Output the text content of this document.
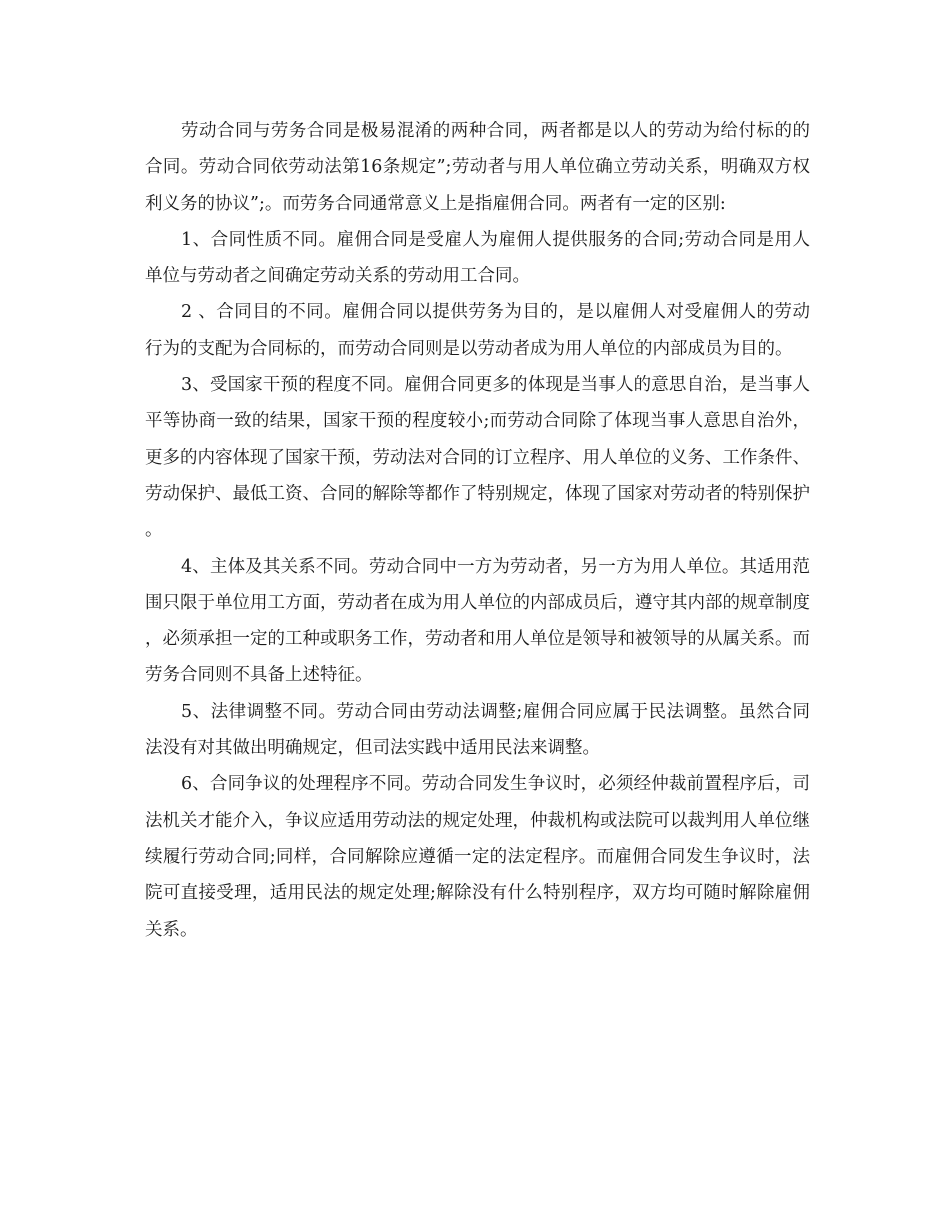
劳动合同与劳务合同是极易混淆的两种合同，两者都是以人的劳动为给付标的的合同。劳动合同依劳动法第16条规定”;劳动者与用人单位确立劳动关系，明确双方权利义务的协议”;。而劳务合同通常意义上是指雇佣合同。两者有一定的区别:

1、合同性质不同。雇佣合同是受雇人为雇佣人提供服务的合同;劳动合同是用人单位与劳动者之间确定劳动关系的劳动用工合同。

2 、合同目的不同。雇佣合同以提供劳务为目的，是以雇佣人对受雇佣人的劳动行为的支配为合同标的，而劳动合同则是以劳动者成为用人单位的内部成员为目的。

3、受国家干预的程度不同。雇佣合同更多的体现是当事人的意思自治，是当事人平等协商一致的结果，国家干预的程度较小;而劳动合同除了体现当事人意思自治外，更多的内容体现了国家干预，劳动法对合同的订立程序、用人单位的义务、工作条件、劳动保护、最低工资、合同的解除等都作了特别规定，体现了国家对劳动者的特别保护。

4、主体及其关系不同。劳动合同中一方为劳动者，另一方为用人单位。其适用范围只限于单位用工方面，劳动者在成为用人单位的内部成员后，遵守其内部的规章制度，必须承担一定的工种或职务工作，劳动者和用人单位是领导和被领导的从属关系。而劳务合同则不具备上述特征。

5、法律调整不同。劳动合同由劳动法调整;雇佣合同应属于民法调整。虽然合同法没有对其做出明确规定，但司法实践中适用民法来调整。

6、合同争议的处理程序不同。劳动合同发生争议时，必须经仲裁前置程序后，司法机关才能介入，争议应适用劳动法的规定处理，仲裁机构或法院可以裁判用人单位继续履行劳动合同;同样，合同解除应遵循一定的法定程序。而雇佣合同发生争议时，法院可直接受理，适用民法的规定处理;解除没有什么特别程序，双方均可随时解除雇佣关系。
